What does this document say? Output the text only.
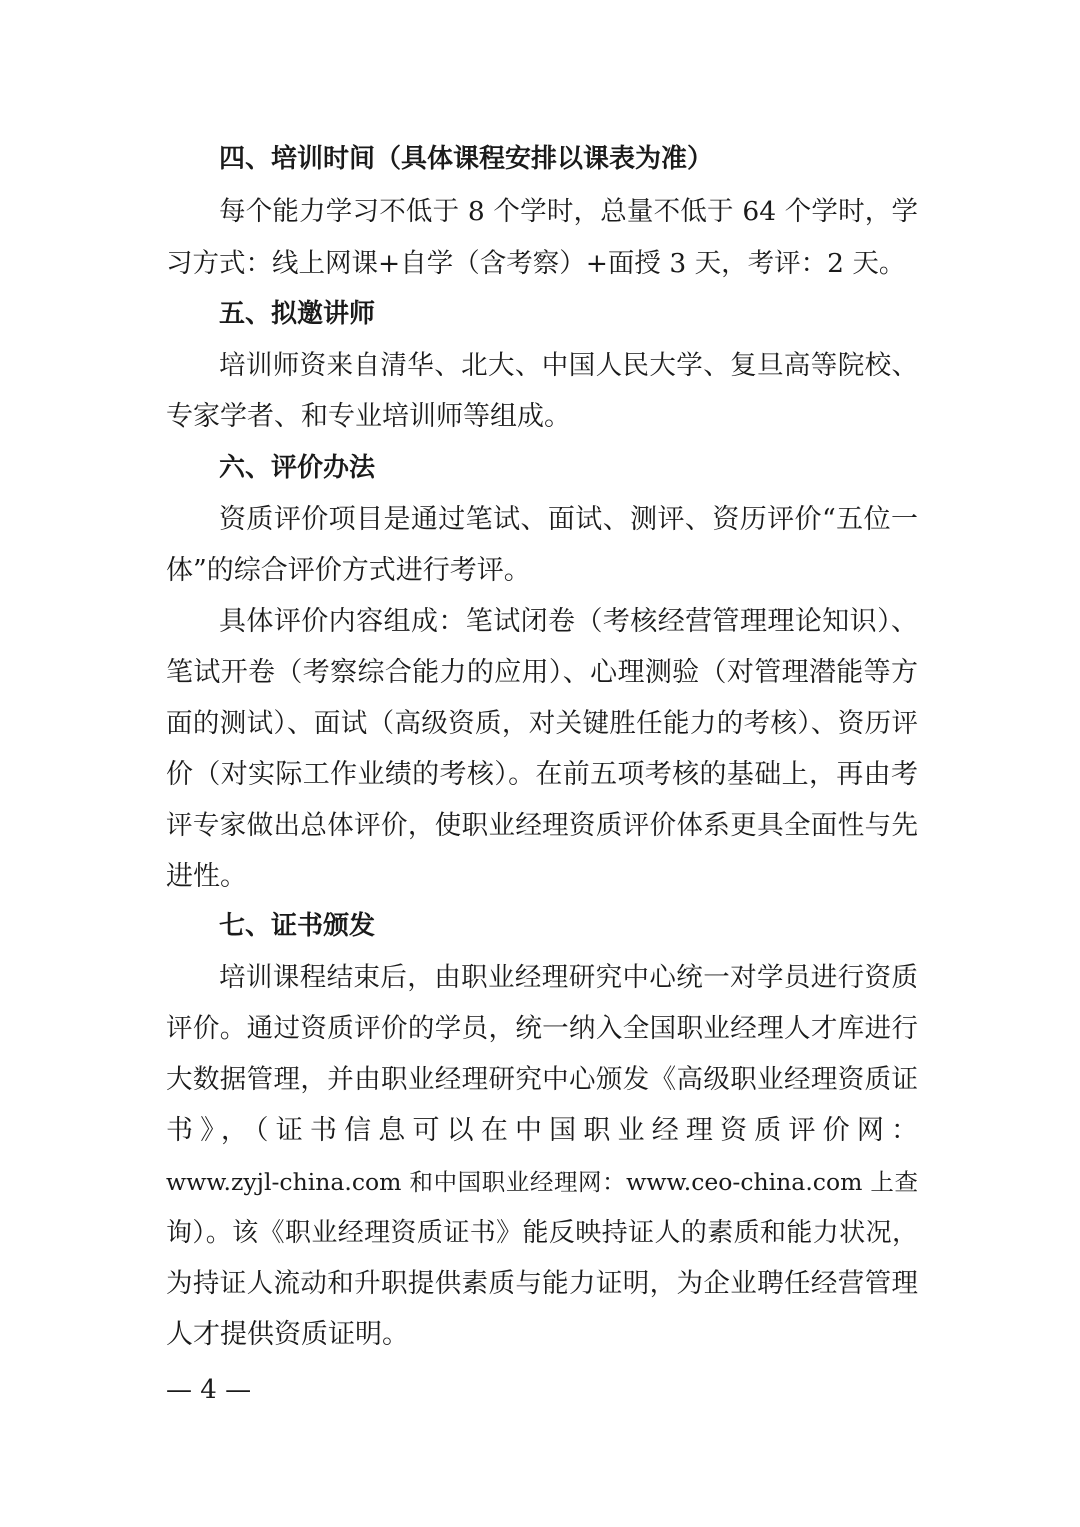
四、培训时间（具体课程安排以课表为准）

每个能力学习不低于 8 个学时，总量不低于 64 个学时，学

习方式：线上网课+自学（含考察）+面授 3 天，考评：2 天。

五、拟邀讲师

培训师资来自清华、北大、中国人民大学、复旦高等院校、

专家学者、和专业培训师等组成。

六、评价办法

资质评价项目是通过笔试、面试、测评、资历评价“五位一

体”的综合评价方式进行考评。

具体评价内容组成：笔试闭卷（考核经营管理理论知识）、

笔试开卷（考察综合能力的应用）、心理测验（对管理潜能等方

面的测试）、面试（高级资质，对关键胜任能力的考核）、资历评

价（对实际工作业绩的考核）。在前五项考核的基础上，再由考

评专家做出总体评价，使职业经理资质评价体系更具全面性与先

进性。

七、证书颁发

培训课程结束后，由职业经理研究中心统一对学员进行资质

评价。通过资质评价的学员，统一纳入全国职业经理人才库进行

大数据管理，并由职业经理研究中心颁发《高级职业经理资质证

书》，（证书信息可以在中国职业经理资质评价网：

www.zyjl-china.com 和中国职业经理网：www.ceo-china.com 上查

询）。该《职业经理资质证书》能反映持证人的素质和能力状况，

为持证人流动和升职提供素质与能力证明，为企业聘任经营管理

人才提供资质证明。

— 4 —
